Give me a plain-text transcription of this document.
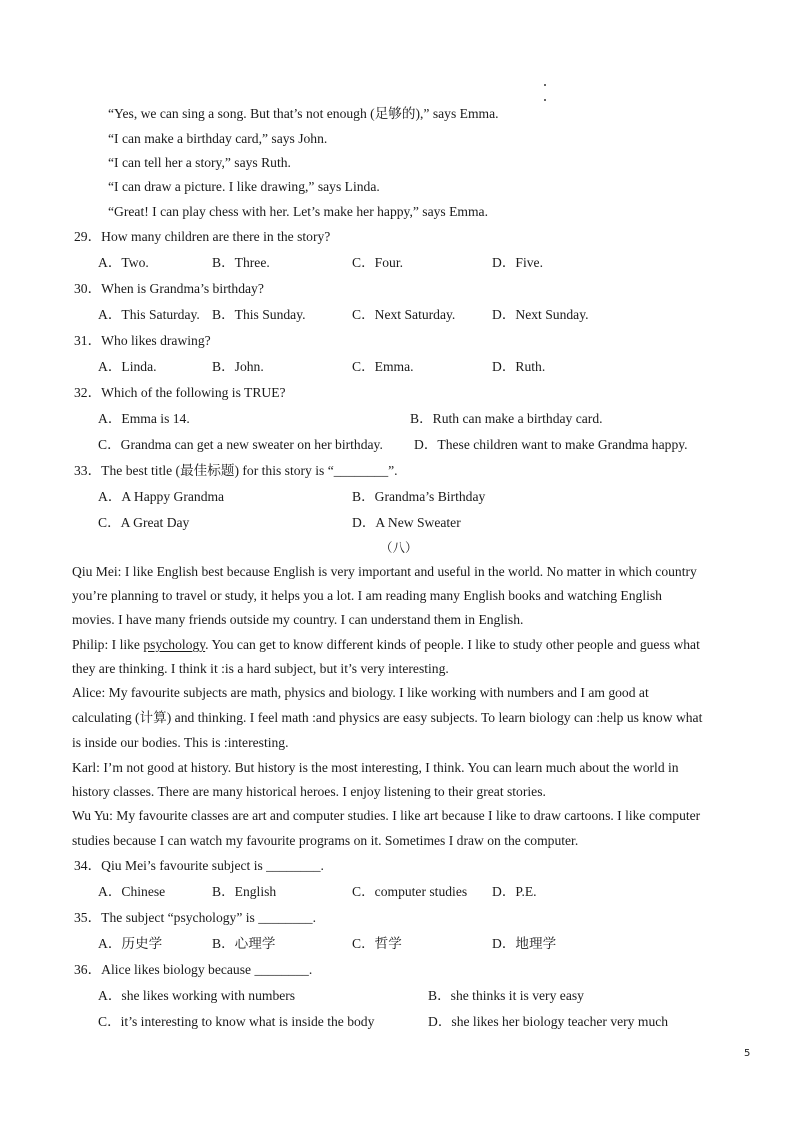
“Yes, we can sing a song. But that’s not enough (足够的),” says Emma.
“I can make a birthday card,” says John.
“I can tell her a story,” says Ruth.
“I can draw a picture. I like drawing,” says Linda.
“Great! I can play chess with her. Let’s make her happy,” says Emma.
29．How many children are there in the story?
A．Two.	B．Three.	C．Four.	D．Five.
30．When is Grandma’s birthday?
A．This Saturday. B．This Sunday.	C．Next Saturday.	D．Next Sunday.
31．Who likes drawing?
A．Linda.	B．John.	C．Emma.	D．Ruth.
32．Which of the following is TRUE?
A．Emma is 14.	B．Ruth can make a birthday card.
C．Grandma can get a new sweater on her birthday. D．These children want to make Grandma happy.
33．The best title (最佳标题) for this story is “________”.
A．A Happy Grandma	B．Grandma’s Birthday
C．A Great Day	D．A New Sweater
（八）
Qiu Mei: I like English best because English is very important and useful in the world. No matter in which country
you’re planning to travel or study, it helps you a lot. I am reading many English books and watching English
movies. I have many friends outside my country. I can understand them in English.
Philip: I like psychology. You can get to know different kinds of people. I like to study other people and guess what
they are thinking. I think it :is a hard subject, but it’s very interesting.
Alice: My favourite subjects are math, physics and biology. I like working with numbers and I am good at
calculating (计算) and thinking. I feel math :and physics are easy subjects. To learn biology can :help us know what
is inside our bodies. This is :interesting.
Karl: I’m not good at history. But history is the most interesting, I think. You can learn much about the world in
history classes. There are many historical heroes. I enjoy listening to their great stories.
Wu Yu: My favourite classes are art and computer studies. I like art because I like to draw cartoons. I like computer
studies because I can watch my favourite programs on it. Sometimes I draw on the computer.
34．Qiu Mei’s favourite subject is ________.
A．Chinese	B．English	C．computer studies D．P.E.
35．The subject “psychology” is ________.
A．历史学	B．心理学	C．哲学	D．地理学
36．Alice likes biology because ________.
A．she likes working with numbers	B．she thinks it is very easy
C．it’s interesting to know what is inside the body	D．she likes her biology teacher very much
5
